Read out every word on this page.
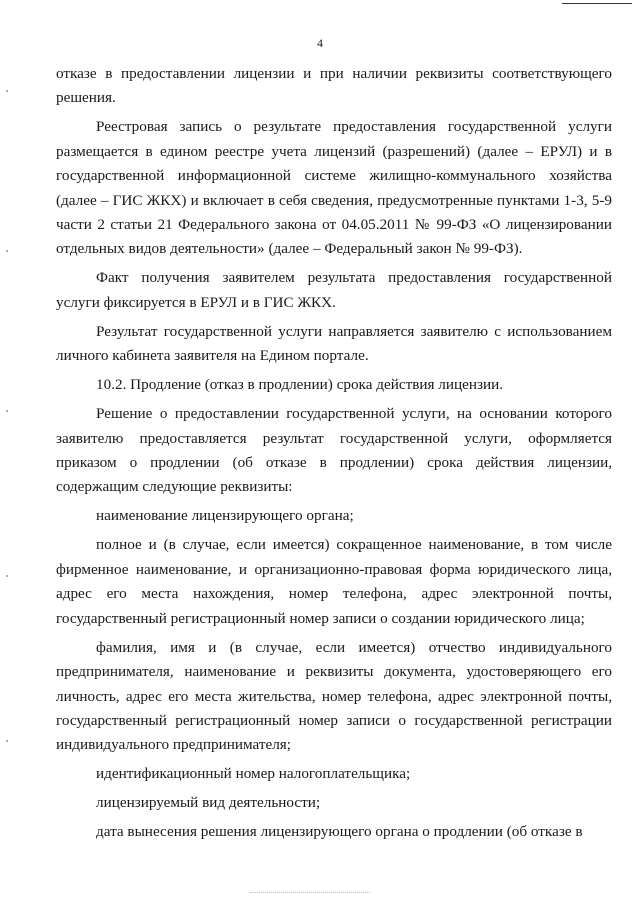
4

отказе в предоставлении лицензии и при наличии реквизиты соответствующего решения.

Реестровая запись о результате предоставления государственной услуги размещается в едином реестре учета лицензий (разрешений) (далее – ЕРУЛ) и в государственной информационной системе жилищно-коммунального хозяйства (далее – ГИС ЖКХ) и включает в себя сведения, предусмотренные пунктами 1-3, 5-9 части 2 статьи 21 Федерального закона от 04.05.2011 № 99-ФЗ «О лицензировании отдельных видов деятельности» (далее – Федеральный закон № 99-ФЗ).

Факт получения заявителем результата предоставления государственной услуги фиксируется в ЕРУЛ и в ГИС ЖКХ.

Результат государственной услуги направляется заявителю с использованием личного кабинета заявителя на Едином портале.

10.2. Продление (отказ в продлении) срока действия лицензии.

Решение о предоставлении государственной услуги, на основании которого заявителю предоставляется результат государственной услуги, оформляется приказом о продлении (об отказе в продлении) срока действия лицензии, содержащим следующие реквизиты:

наименование лицензирующего органа;

полное и (в случае, если имеется) сокращенное наименование, в том числе фирменное наименование, и организационно-правовая форма юридического лица, адрес его места нахождения, номер телефона, адрес электронной почты, государственный регистрационный номер записи о создании юридического лица;

фамилия, имя и (в случае, если имеется) отчество индивидуального предпринимателя, наименование и реквизиты документа, удостоверяющего его личность, адрес его места жительства, номер телефона, адрес электронной почты, государственный регистрационный номер записи о государственной регистрации индивидуального предпринимателя;

идентификационный номер налогоплательщика;

лицензируемый вид деятельности;

дата вынесения решения лицензирующего органа о продлении (об отказе в
